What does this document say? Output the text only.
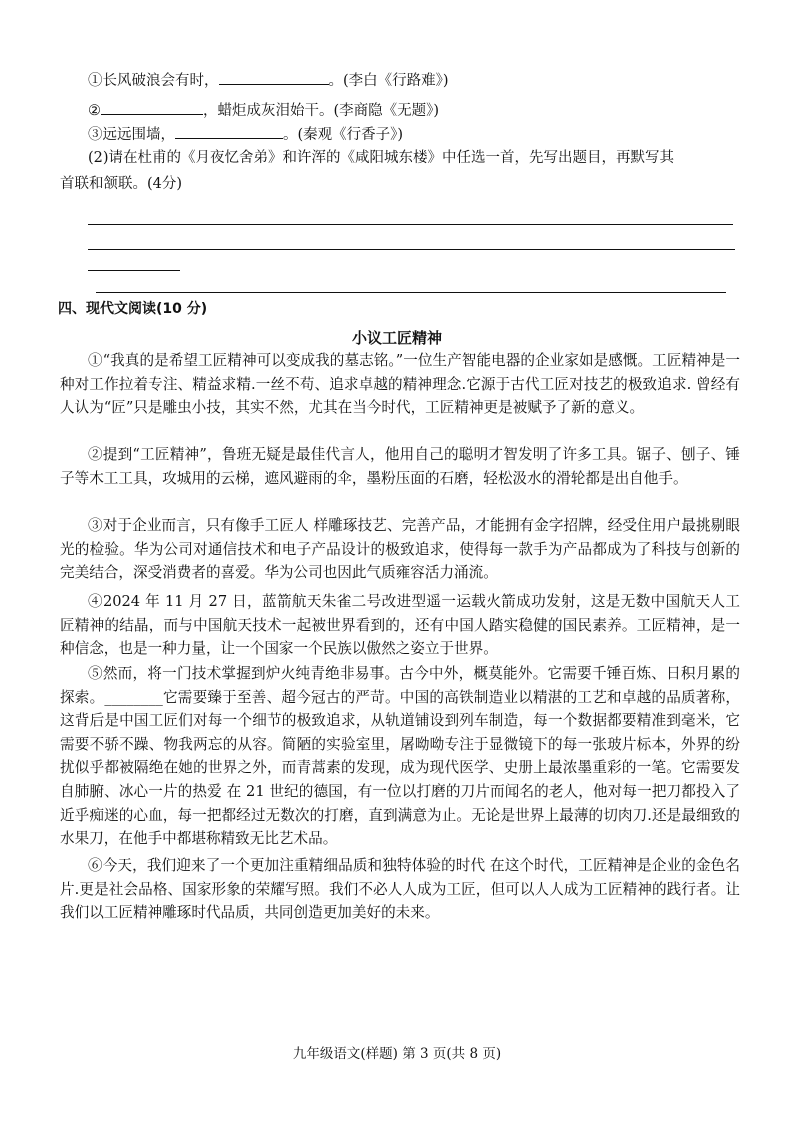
①长风破浪会有时，	。(李白《行路难》)
②	，蜡炬成灰泪始干。(李商隐《无题》)
③远远围墙，	。(秦观《行香子》)
(2)请在杜甫的《月夜忆舍弟》和许浑的《咸阳城东楼》中任选一首，先写出题目，再默写其
首联和颔联。(4分)
四、现代文阅读(10 分)
小议工匠精神
①“我真的是希望工匠精神可以变成我的墓志铭。”一位生产智能电器的企业家如是感慨。工匠精神是一种对工作拉着专注、精益求精.一丝不苟、追求卓越的精神理念.它源于古代工匠对技艺的极致追求. 曾经有人认为“匠”只是雕虫小技，其实不然，尤其在当今时代，工匠精神更是被赋予了新的意义。
②提到“工匠精神”，鲁班无疑是最佳代言人，他用自己的聪明才智发明了许多工具。锯子、刨子、锤子等木工工具，攻城用的云梯，遮风避雨的伞，墨粉压面的石磨，轻松汲水的滑轮都是出自他手。
③对于企业而言，只有像手工匠人 样雕琢技艺、完善产品，才能拥有金字招牌，经受住用户最挑剔眼光的检验。华为公司对通信技术和电子产品设计的极致追求，使得每一款手为产品都成为了科技与创新的完美结合，深受消费者的喜爱。华为公司也因此气质雍容活力涌流。
④2024 年 11 月 27 日，蓝箭航天朱雀二号改进型遥一运载火箭成功发射，这是无数中国航天人工匠精神的结晶，而与中国航天技术一起被世界看到的，还有中国人踏实稳健的国民素养。工匠精神，是一种信念，也是一种力量，让一个国家一个民族以傲然之姿立于世界。
⑤然而，将一门技术掌握到炉火纯青绝非易事。古今中外，概莫能外。它需要千锤百炼、日积月累的探索。________它需要臻于至善、超今冠古的严苛。中国的高铁制造业以精湛的工艺和卓越的品质著称，这背后是中国工匠们对每一个细节的极致追求，从轨道铺设到列车制造，每一个数据都要精准到毫米，它需要不骄不躁、物我两忘的从容。简陋的实验室里，屠呦呦专注于显微镜下的每一张玻片标本，外界的纷扰似乎都被隔绝在她的世界之外，而青蒿素的发现，成为现代医学、史册上最浓墨重彩的一笔。它需要发自肺腑、冰心一片的热爱 在 21 世纪的德国，有一位以打磨的刀片而闻名的老人，他对每一把刀都投入了近乎痴迷的心血，每一把都经过无数次的打磨，直到满意为止。无论是世界上最薄的切肉刀.还是最细致的水果刀，在他手中都堪称精致无比艺术品。
⑥今天，我们迎来了一个更加注重精细品质和独特体验的时代 在这个时代，工匠精神是企业的金色名片.更是社会品格、国家形象的荣耀写照。我们不必人人成为工匠，但可以人人成为工匠精神的践行者。让我们以工匠精神雕琢时代品质，共同创造更加美好的未来。
九年级语文(样题) 第 3 页(共 8 页)
